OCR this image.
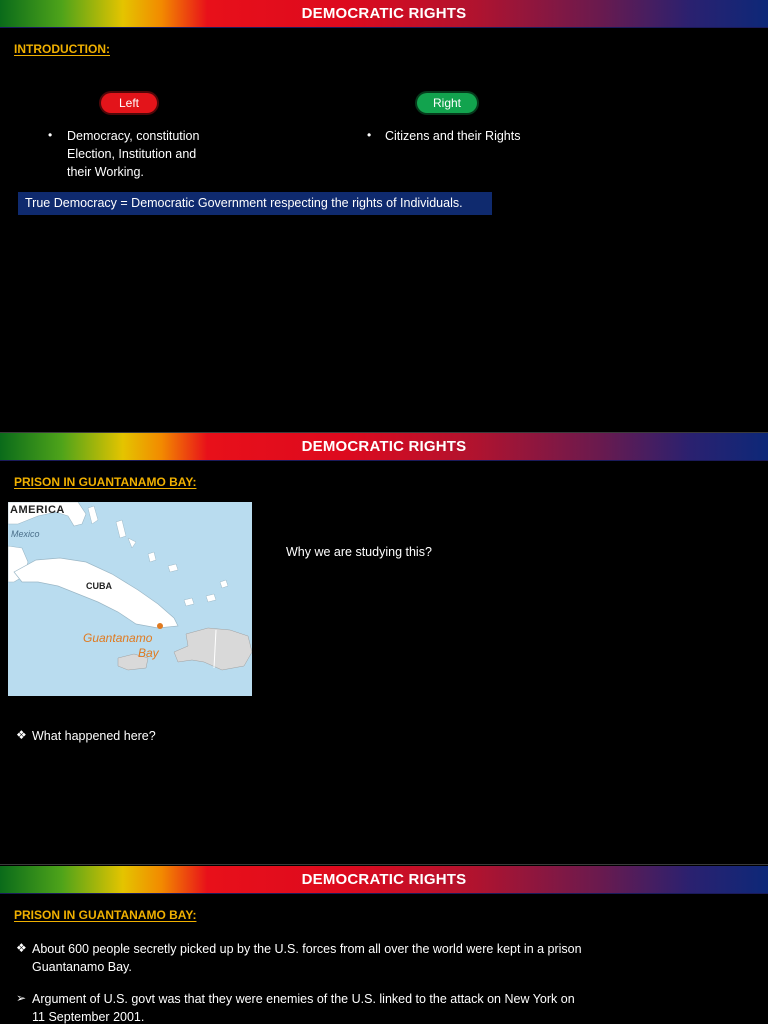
DEMOCRATIC RIGHTS
INTRODUCTION:
Left	Right
• Democracy, constitution
Election, Institution and
their Working.
• Citizens and their Rights
True Democracy = Democratic Government respecting the rights of Individuals.
DEMOCRATIC RIGHTS
PRISON IN GUANTANAMO BAY:
AMERICA
Mexico
CUBA
Guantanamo
Bay
Why we are studying this?
❖ What happened here?
DEMOCRATIC RIGHTS
PRISON IN GUANTANAMO BAY:
❖ About 600 people secretly picked up by the U.S. forces from all over the world were kept in a prison
Guantanamo Bay.
➢ Argument of U.S. govt was that they were enemies of the U.S. linked to the attack on New York on
11 September 2001.
